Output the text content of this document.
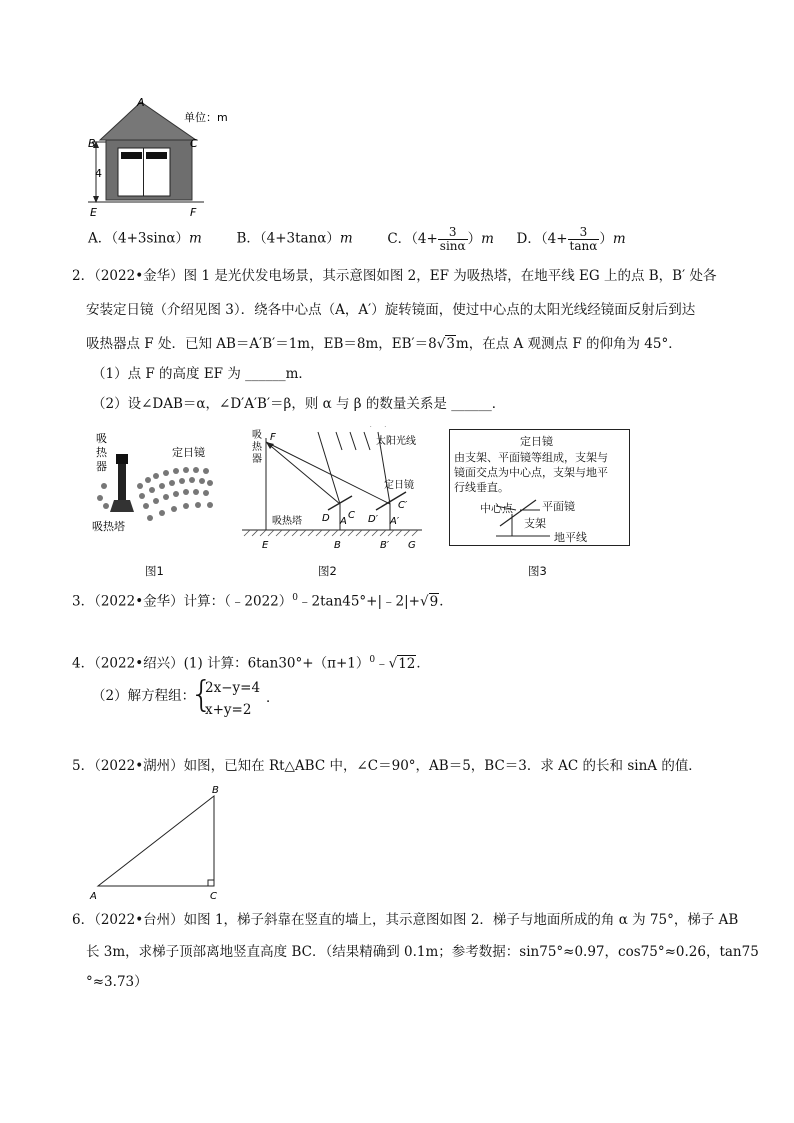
A
B	C
4
E	F
单位：m
A．（4+3sinα）m	B．（4+3tanα）m	C．$(4+ \frac{3}{\sin\alpha} )m$ D．$(4+ \frac{3}{\tan\alpha} )m$
2．（2022•金华）图 1 是光伏发电场景，其示意图如图 2，EF 为吸热塔，在地平线 EG 上的点 B，B′ 处各
安装定日镜（介绍见图 3）．绕各中心点（A，A′）旋转镜面，使过中心点的太阳光线经镜面反射后到达
吸热器点 F 处．已知 AB＝A′B′＝1m，EB＝8m，EB′＝8√3m，在点 A 观测点 F 的仰角为 45°．
（1）点 F 的高度 EF 为 ______m．
（2）设∠DAB＝α，∠D′A′B′＝β，则 α 与 β 的数量关系是 ______．
吸
热
器
定日镜
吸热塔
图1
F
吸
热
器
太阳光线
定日镜
吸热塔 D A
C D′ A′
C′
E	B	B′ G
图2
定日镜
由支架、平面镜等组成，支架与
镜面交点为中心点，支架与地平
行线垂直。
中心点	平面镜
支架
地平线
图3
3．（2022•金华）计算：（﹣2022）$^0$﹣2tan45°+|﹣2|+√9．
4．（2022•绍兴）(1) 计算：$6\tan 30^\circ+(\pi+1)^0﹣√12$．
（2）解方程组：
{
2x−y=4
x+y=2
．
5．（2022•湖州）如图，已知在 Rt△ABC 中，∠C＝90°，AB＝5，BC＝3．求 AC 的长和 sinA 的值．
A
B
C
6．（2022•台州）如图 1，梯子斜靠在竖直的墙上，其示意图如图 2．梯子与地面所成的角 α 为 75°，梯子 AB
长 3m，求梯子顶部离地竖直高度 BC．（结果精确到 0.1m；参考数据：sin75°≈0.97，cos75°≈0.26，tan75
°≈3.73）
